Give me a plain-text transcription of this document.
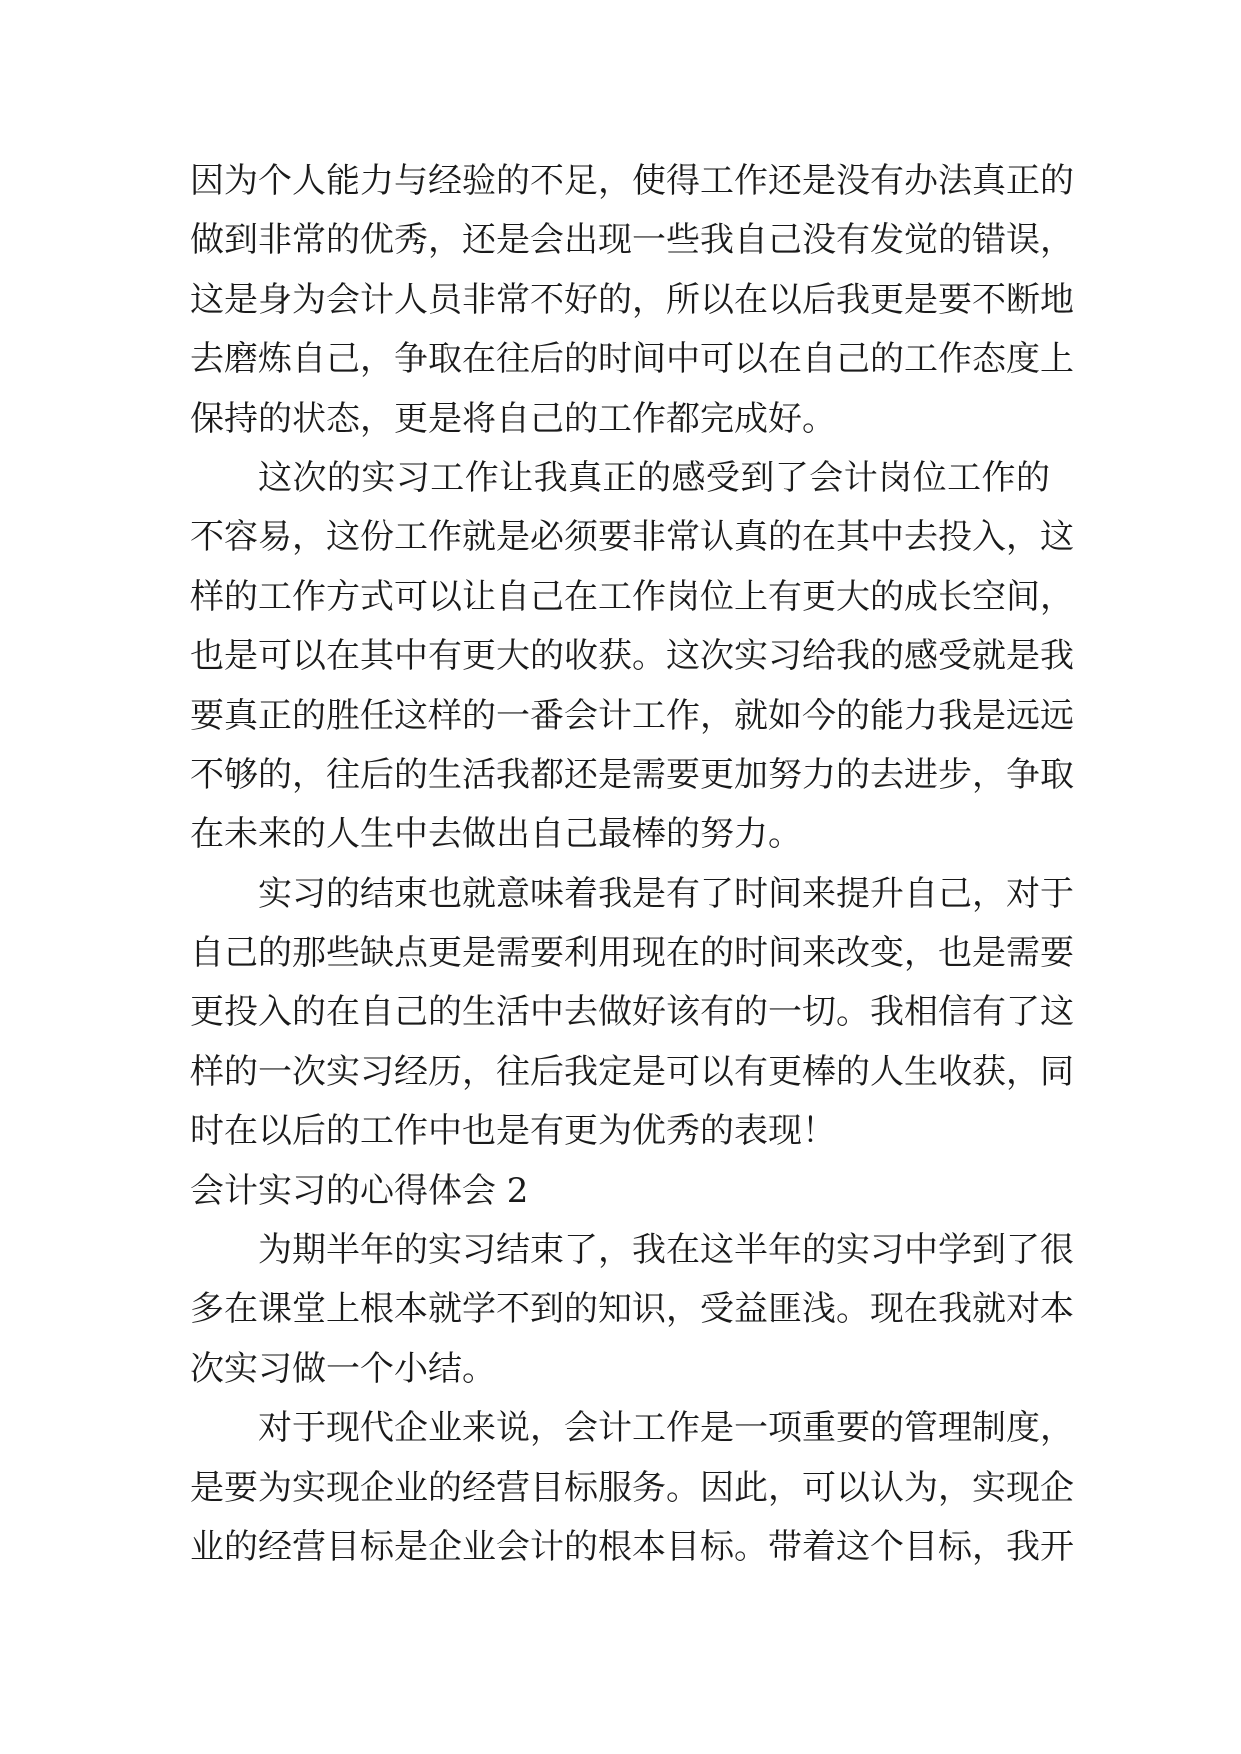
因为个人能力与经验的不足，使得工作还是没有办法真正的
做到非常的优秀，还是会出现一些我自己没有发觉的错误，
这是身为会计人员非常不好的，所以在以后我更是要不断地
去磨炼自己，争取在往后的时间中可以在自己的工作态度上
保持的状态，更是将自己的工作都完成好。
这次的实习工作让我真正的感受到了会计岗位工作的
不容易，这份工作就是必须要非常认真的在其中去投入，这
样的工作方式可以让自己在工作岗位上有更大的成长空间，
也是可以在其中有更大的收获。这次实习给我的感受就是我
要真正的胜任这样的一番会计工作，就如今的能力我是远远
不够的，往后的生活我都还是需要更加努力的去进步，争取
在未来的人生中去做出自己最棒的努力。
实习的结束也就意味着我是有了时间来提升自己，对于
自己的那些缺点更是需要利用现在的时间来改变，也是需要
更投入的在自己的生活中去做好该有的一切。我相信有了这
样的一次实习经历，往后我定是可以有更棒的人生收获，同
时在以后的工作中也是有更为优秀的表现！
会计实习的心得体会 2
为期半年的实习结束了，我在这半年的实习中学到了很
多在课堂上根本就学不到的知识，受益匪浅。现在我就对本
次实习做一个小结。
对于现代企业来说，会计工作是一项重要的管理制度，
是要为实现企业的经营目标服务。因此，可以认为，实现企
业的经营目标是企业会计的根本目标。带着这个目标，我开
